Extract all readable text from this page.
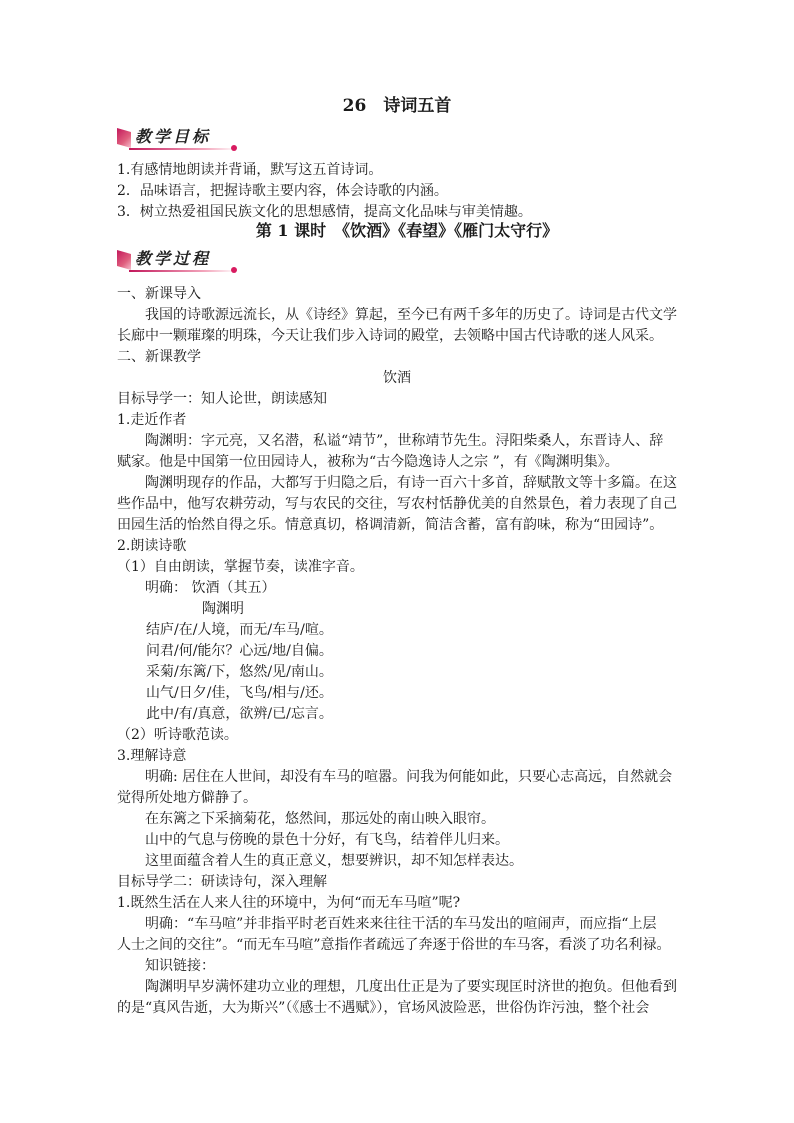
26　诗词五首
教学目标
1.有感情地朗读并背诵，默写这五首诗词。
2．品味语言，把握诗歌主要内容，体会诗歌的内涵。
3．树立热爱祖国民族文化的思想感情，提高文化品味与审美情趣。
第 1 课时　《饮酒》《春望》《雁门太守行》
教学过程
一、新课导入
我国的诗歌源远流长，从《诗经》算起，至今已有两千多年的历史了。诗词是古代文学
长廊中一颗璀璨的明珠，今天让我们步入诗词的殿堂，去领略中国古代诗歌的迷人风采。
二、新课教学
饮酒
目标导学一：知人论世，朗读感知
1.走近作者
陶渊明：字元亮，又名潜，私谥“靖节”，世称靖节先生。浔阳柴桑人，东晋诗人、辞
赋家。他是中国第一位田园诗人，被称为“古今隐逸诗人之宗 ”，有《陶渊明集》。
陶渊明现存的作品，大都写于归隐之后，有诗一百六十多首，辞赋散文等十多篇。在这
些作品中，他写农耕劳动，写与农民的交往，写农村恬静优美的自然景色，着力表现了自己
田园生活的怡然自得之乐。情意真切，格调清新，简洁含蓄，富有韵味，称为“田园诗”。
2.朗读诗歌
（1）自由朗读，掌握节奏，读准字音。
明确： 饮酒（其五）
陶渊明
结庐/在/人境，而无/车马/喧。
问君/何/能尔？心远/地/自偏。
采菊/东篱/下，悠然/见/南山。
山气/日夕/佳，飞鸟/相与/还。
此中/有/真意，欲辨/已/忘言。
（2）听诗歌范读。
3.理解诗意
明确: 居住在人世间，却没有车马的喧嚣。问我为何能如此，只要心志高远，自然就会
觉得所处地方僻静了。
在东篱之下采摘菊花，悠然间，那远处的南山映入眼帘。
山中的气息与傍晚的景色十分好，有飞鸟，结着伴儿归来。
这里面蕴含着人生的真正意义，想要辨识，却不知怎样表达。
目标导学二：研读诗句，深入理解
1.既然生活在人来人往的环境中，为何“而无车马喧”呢?
明确：“车马喧”并非指平时老百姓来来往往干活的车马发出的喧闹声，而应指“上层
人士之间的交往”。“而无车马喧”意指作者疏远了奔逐于俗世的车马客，看淡了功名利禄。
知识链接：
陶渊明早岁满怀建功立业的理想，几度出仕正是为了要实现匡时济世的抱负。但他看到
的是“真风告逝，大为斯兴”（《感士不遇赋》），官场风波险恶，世俗伪诈污浊，整个社会
